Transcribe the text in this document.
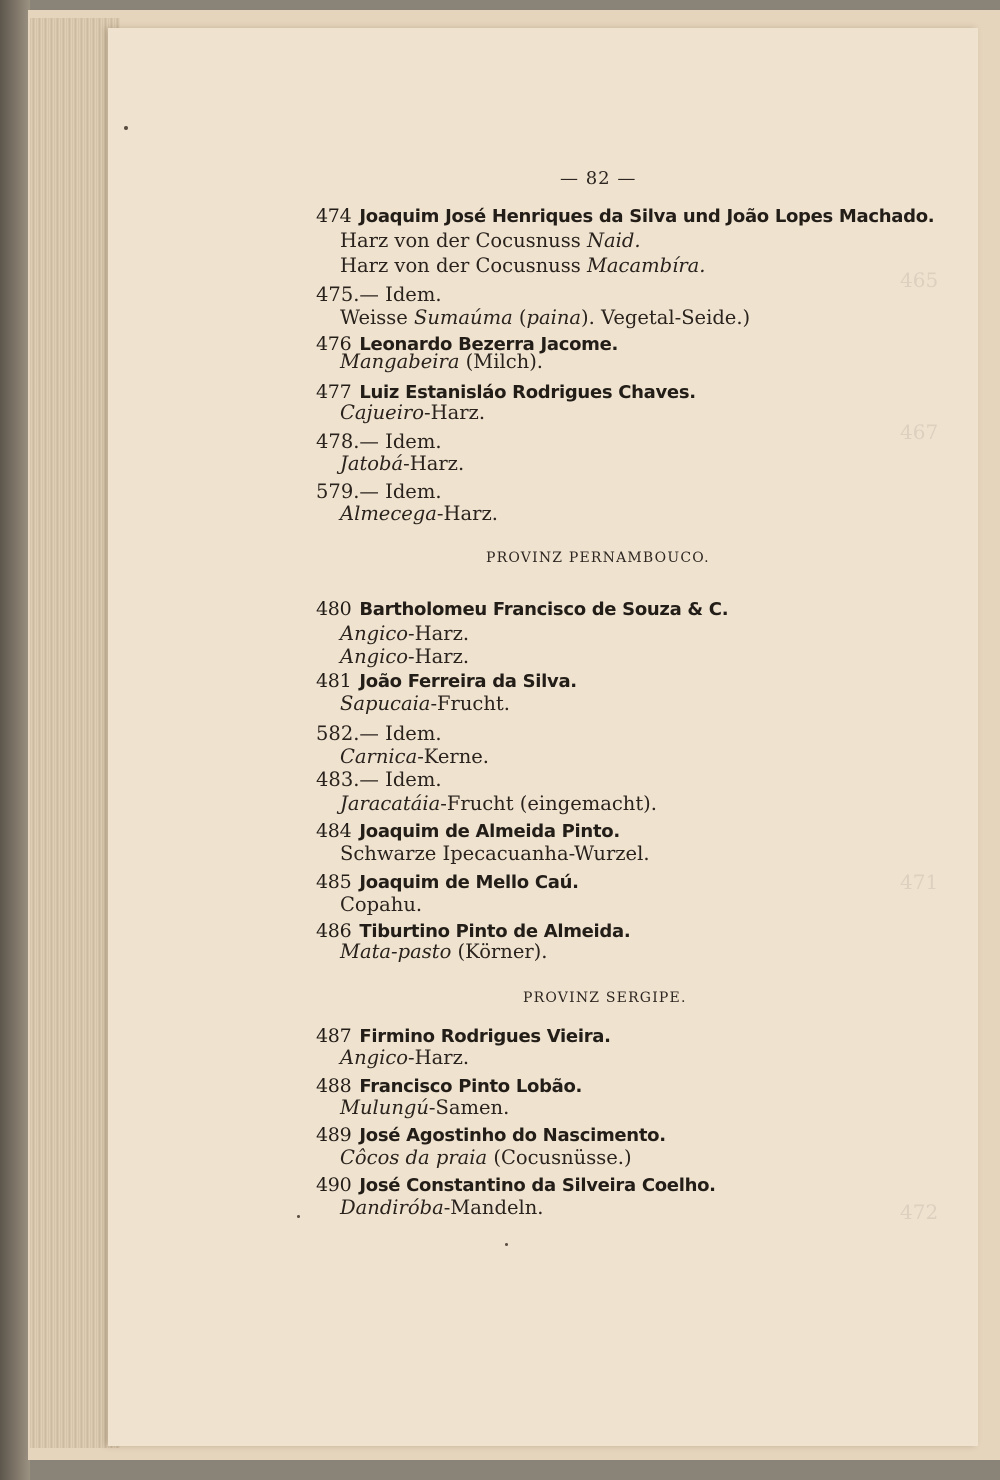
465
467
471
472
— 82 —
474 Joaquim José Henriques da Silva und João Lopes Machado.
Harz von der Cocusnuss Naid.
Harz von der Cocusnuss Macambíra.
475.— Idem.
Weisse Sumaúma (paina). Vegetal-Seide.)
476 Leonardo Bezerra Jacome.
Mangabeira (Milch).
477 Luiz Estanisláo Rodrigues Chaves.
Cajueiro-Harz.
478.— Idem.
Jatobá-Harz.
579.— Idem.
Almecega-Harz.
PROVINZ PERNAMBOUCO.
480 Bartholomeu Francisco de Souza & C.
Angico-Harz.
Angico-Harz.
481 João Ferreira da Silva.
Sapucaia-Frucht.
582.— Idem.
Carnica-Kerne.
483.— Idem.
Jaracatáia-Frucht (eingemacht).
484 Joaquim de Almeida Pinto.
Schwarze Ipecacuanha-Wurzel.
485 Joaquim de Mello Caú.
Copahu.
486 Tiburtino Pinto de Almeida.
Mata-pasto (Körner).
PROVINZ SERGIPE.
487 Firmino Rodrigues Vieira.
Angico-Harz.
488 Francisco Pinto Lobão.
Mulungú-Samen.
489 José Agostinho do Nascimento.
Côcos da praia (Cocusnüsse.)
490 José Constantino da Silveira Coelho.
Dandiróba-Mandeln.
